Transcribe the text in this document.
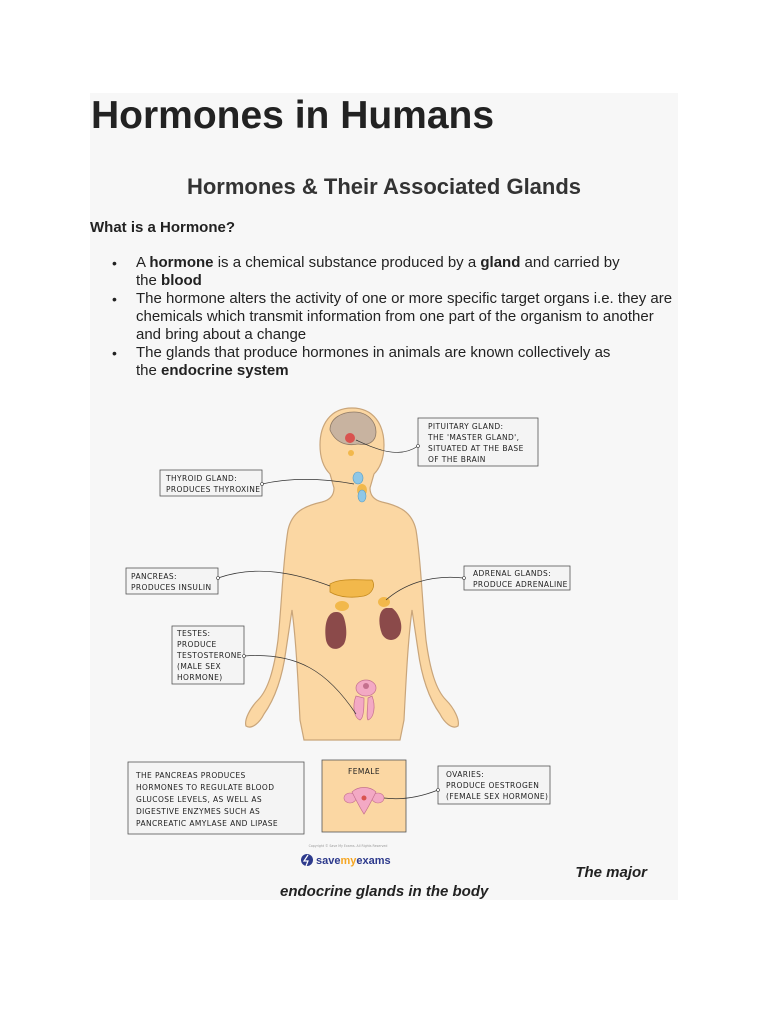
Hormones in Humans
Hormones & Their Associated Glands

What is a Hormone?

• A hormone is a chemical substance produced by a gland and carried by
the blood
• The hormone alters the activity of one or more specific target organs i.e. they are chemicals which transmit information from one part of the organism to another and bring about a change
• The glands that produce hormones in animals are known collectively as
the endocrine system
PITUITARY GLAND:
THE 'MASTER GLAND',
SITUATED AT THE BASE
OF THE BRAIN
THYROID GLAND:
PRODUCES THYROXINE
PANCREAS:
PRODUCES INSULIN
ADRENAL GLANDS:
PRODUCE ADRENALINE
TESTES:
PRODUCE
TESTOSTERONE
(MALE SEX
HORMONE)
THE PANCREAS PRODUCES
HORMONES TO REGULATE BLOOD
GLUCOSE LEVELS, AS WELL AS
DIGESTIVE ENZYMES SUCH AS
PANCREATIC AMYLASE AND LIPASE
FEMALE	OVARIES:
PRODUCE OESTROGEN
(FEMALE SEX HORMONE)
Copyright © Save My Exams. All Rights Reserved
savemyexams

The major

endocrine glands in the body
